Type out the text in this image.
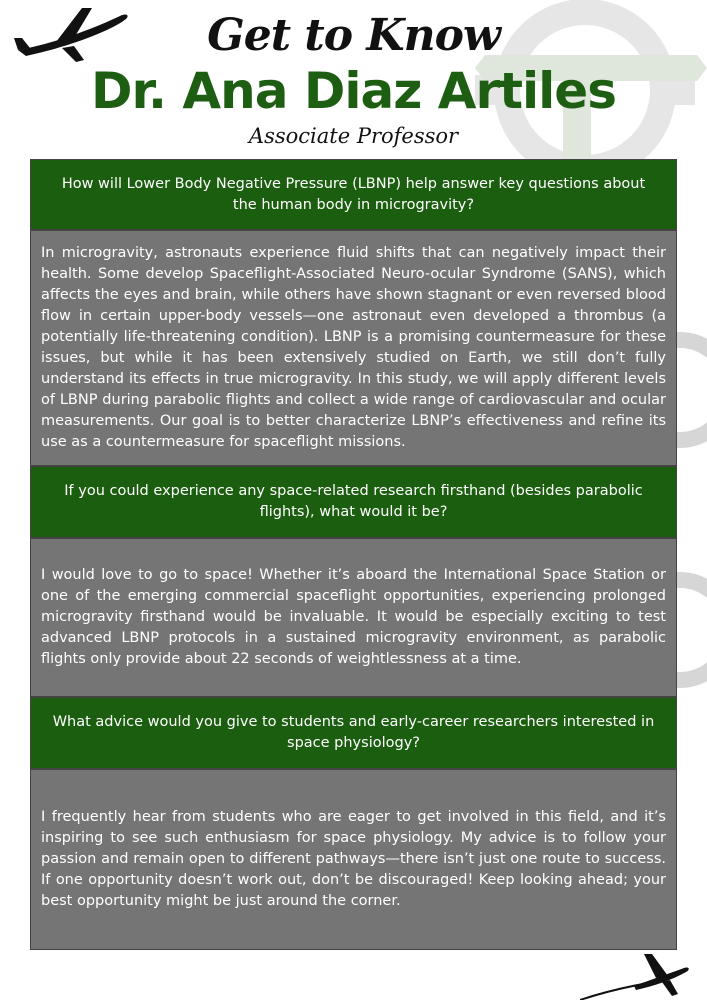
Get to Know
Dr. Ana Diaz Artiles
Associate Professor
How will Lower Body Negative Pressure (LBNP) help answer key questions about the human body in microgravity?
In microgravity, astronauts experience fluid shifts that can negatively impact their health. Some develop Spaceflight-Associated Neuro-ocular Syndrome (SANS), which affects the eyes and brain, while others have shown stagnant or even reversed blood flow in certain upper-body vessels—one astronaut even developed a thrombus (a potentially life-threatening condition). LBNP is a promising countermeasure for these issues, but while it has been extensively studied on Earth, we still don’t fully understand its effects in true microgravity. In this study, we will apply different levels of LBNP during parabolic flights and collect a wide range of cardiovascular and ocular measurements. Our goal is to better characterize LBNP’s effectiveness and refine its use as a countermeasure for spaceflight missions.
If you could experience any space-related research firsthand (besides parabolic flights), what would it be?
I would love to go to space! Whether it’s aboard the International Space Station or one of the emerging commercial spaceflight opportunities, experiencing prolonged microgravity firsthand would be invaluable. It would be especially exciting to test advanced LBNP protocols in a sustained microgravity environment, as parabolic flights only provide about 22 seconds of weightlessness at a time.
What advice would you give to students and early-career researchers interested in space physiology?
I frequently hear from students who are eager to get involved in this field, and it’s inspiring to see such enthusiasm for space physiology. My advice is to follow your passion and remain open to different pathways—there isn’t just one route to success. If one opportunity doesn’t work out, don’t be discouraged! Keep looking ahead; your best opportunity might be just around the corner.
